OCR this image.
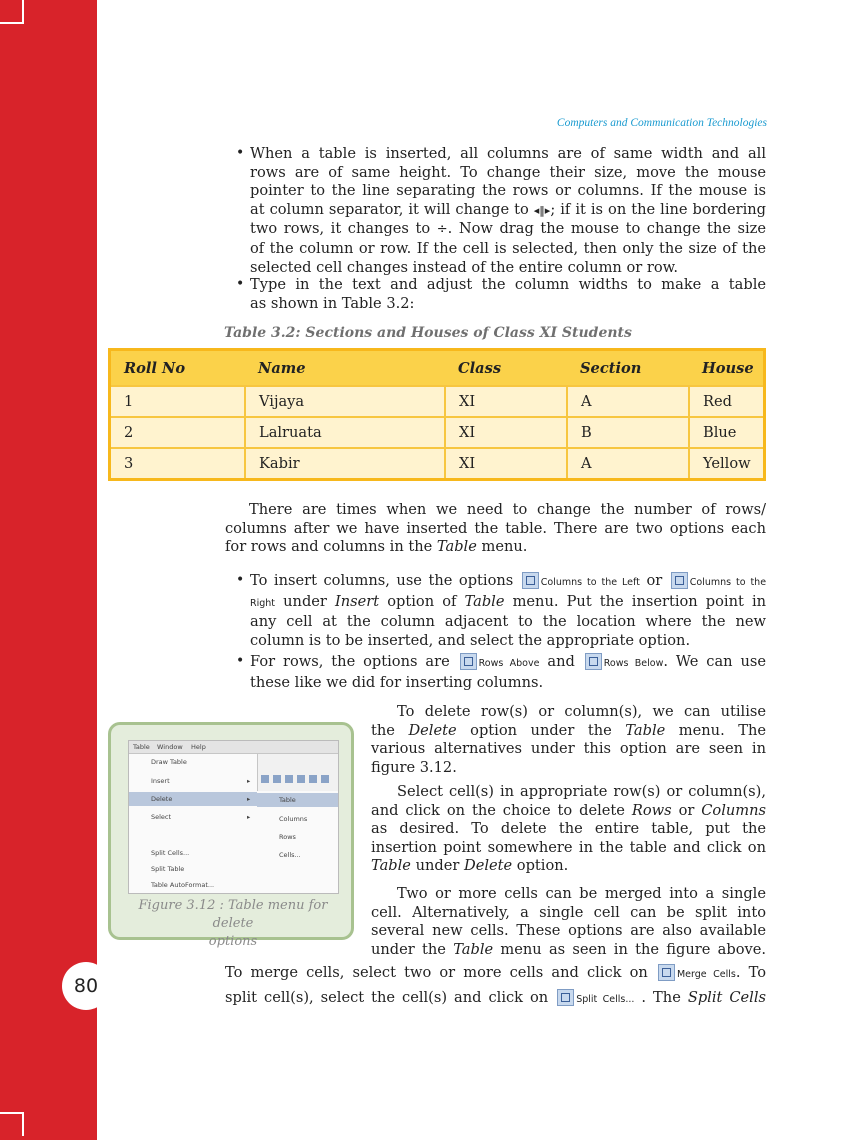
80
Computers and Communication Technologies
• When a table is inserted, all columns are of same width and all
rows are of same height. To change their size, move the mouse
pointer to the line separating the rows or columns. If the mouse is
at column separator, it will change to ◂‖▸; if it is on the line bordering
two rows, it changes to ÷. Now drag the mouse to change the size
of the column or row. If the cell is selected, then only the size of the
selected cell changes instead of the entire column or row.
• Type in the text and adjust the column widths to make a table
as shown in Table 3.2:
Table 3.2: Sections and Houses of Class XI Students
Roll No	Name	Class	Section	House
1	Vijaya	XI	A	Red
2	Lalruata	XI	B	Blue
3	Kabir	XI	A	Yellow
There are times when we need to change the number of rows/
columns after we have inserted the table. There are two options each
for rows and columns in the Table menu.
• To insert columns, use the options	Columns to the Left or	Columns to the
Right under Insert option of Table menu. Put the insertion point in
any cell at the column adjacent to the location where the new
column is to be inserted, and select the appropriate option.
• For rows, the options are	Rows Above and	Rows Below. We can use
these like we did for inserting columns.
Table Window Help
Draw Table
Insert
Delete
Select
Split Cells...
Split Table
Table AutoFormat...
▸
▸
▸
Table
Columns
Rows
Cells...
Figure 3.12 : Table menu for delete
options
To delete row(s) or column(s), we can utilise
the Delete option under the Table menu. The
various alternatives under this option are seen in
figure 3.12.
Select cell(s) in appropriate row(s) or column(s),
and click on the choice to delete Rows or Columns
as desired. To delete the entire table, put the
insertion point somewhere in the table and click on
Table under Delete option.
Two or more cells can be merged into a single
cell. Alternatively, a single cell can be split into
several new cells. These options are also available
under the Table menu as seen in the figure above.
To merge cells, select two or more cells and click on	Merge Cells. To
split cell(s), select the cell(s) and click on	Split Cells... . The Split Cells
